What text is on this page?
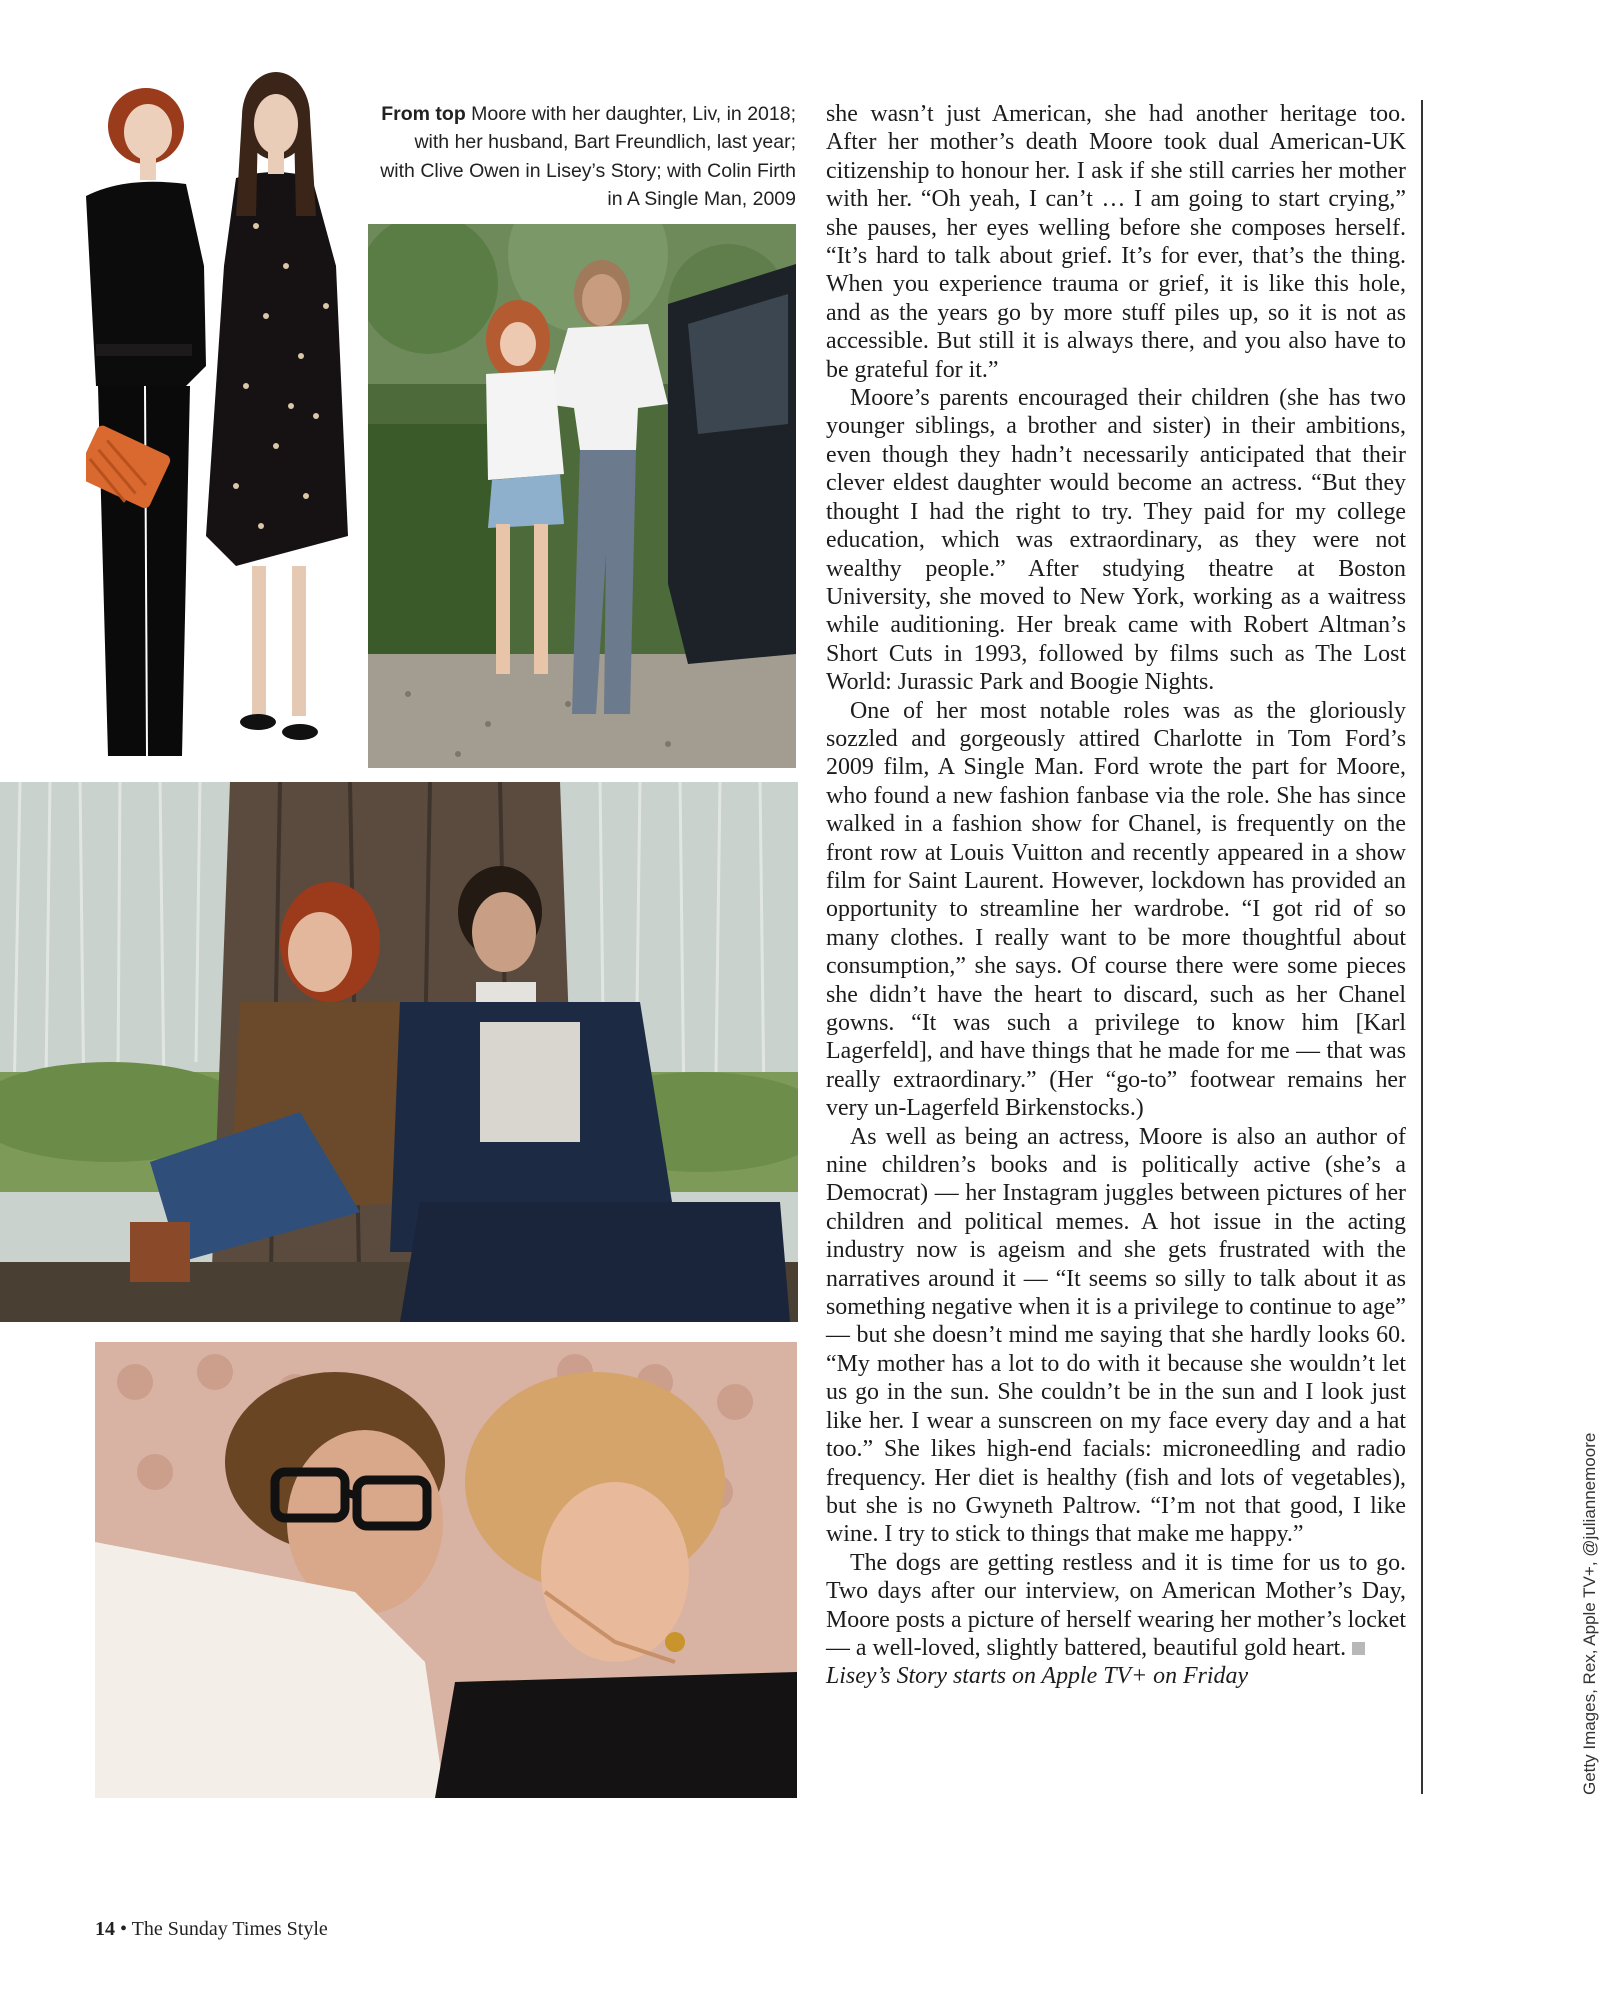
From top Moore with her daughter, Liv, in 2018; with her husband, Bart Freundlich, last year; with Clive Owen in Lisey’s Story; with Colin Firth in A Single Man, 2009

she wasn’t just American, she had another heritage too. After her mother’s death Moore took dual American-UK citizenship to honour her. I ask if she still carries her mother with her. “Oh yeah, I can’t … I am going to start crying,” she pauses, her eyes welling before she composes herself. “It’s hard to talk about grief. It’s for ever, that’s the thing. When you experience trauma or grief, it is like this hole, and as the years go by more stuff piles up, so it is not as accessible. But still it is always there, and you also have to be grateful for it.”

Moore’s parents encouraged their children (she has two younger siblings, a brother and sister) in their ambitions, even though they hadn’t necessarily anticipated that their clever eldest daughter would become an actress. “But they thought I had the right to try. They paid for my college education, which was extraordinary, as they were not wealthy people.” After studying theatre at Boston University, she moved to New York, working as a waitress while auditioning. Her break came with Robert Altman’s Short Cuts in 1993, followed by films such as The Lost World: Jurassic Park and Boogie Nights.

One of her most notable roles was as the gloriously sozzled and gorgeously attired Charlotte in Tom Ford’s 2009 film, A Single Man. Ford wrote the part for Moore, who found a new fashion fanbase via the role. She has since walked in a fashion show for Chanel, is frequently on the front row at Louis Vuitton and recently appeared in a show film for Saint Laurent. However, lockdown has provided an opportunity to streamline her wardrobe. “I got rid of so many clothes. I really want to be more thoughtful about consumption,” she says. Of course there were some pieces she didn’t have the heart to discard, such as her Chanel gowns. “It was such a privilege to know him [Karl Lagerfeld], and have things that he made for me — that was really extraordinary.” (Her “go-to” footwear remains her very un-Lagerfeld Birkenstocks.)

As well as being an actress, Moore is also an author of nine children’s books and is politically active (she’s a Democrat) — her Instagram juggles between pictures of her children and political memes. A hot issue in the acting industry now is ageism and she gets frustrated with the narratives around it — “It seems so silly to talk about it as something negative when it is a privilege to continue to age” — but she doesn’t mind me saying that she hardly looks 60. “My mother has a lot to do with it because she wouldn’t let us go in the sun. She couldn’t be in the sun and I look just like her. I wear a sunscreen on my face every day and a hat too.” She likes high-end facials: microneedling and radio frequency. Her diet is healthy (fish and lots of vegetables), but she is no Gwyneth Paltrow. “I’m not that good, I like wine. I try to stick to things that make me happy.”

The dogs are getting restless and it is time for us to go. Two days after our interview, on American Mother’s Day, Moore posts a picture of herself wearing her mother’s locket — a well-loved, slightly battered, beautiful gold heart.

Lisey’s Story starts on Apple TV+ on Friday	Getty Images, Rex, Apple TV+, @juliannemoore
14 • The Sunday Times Style
